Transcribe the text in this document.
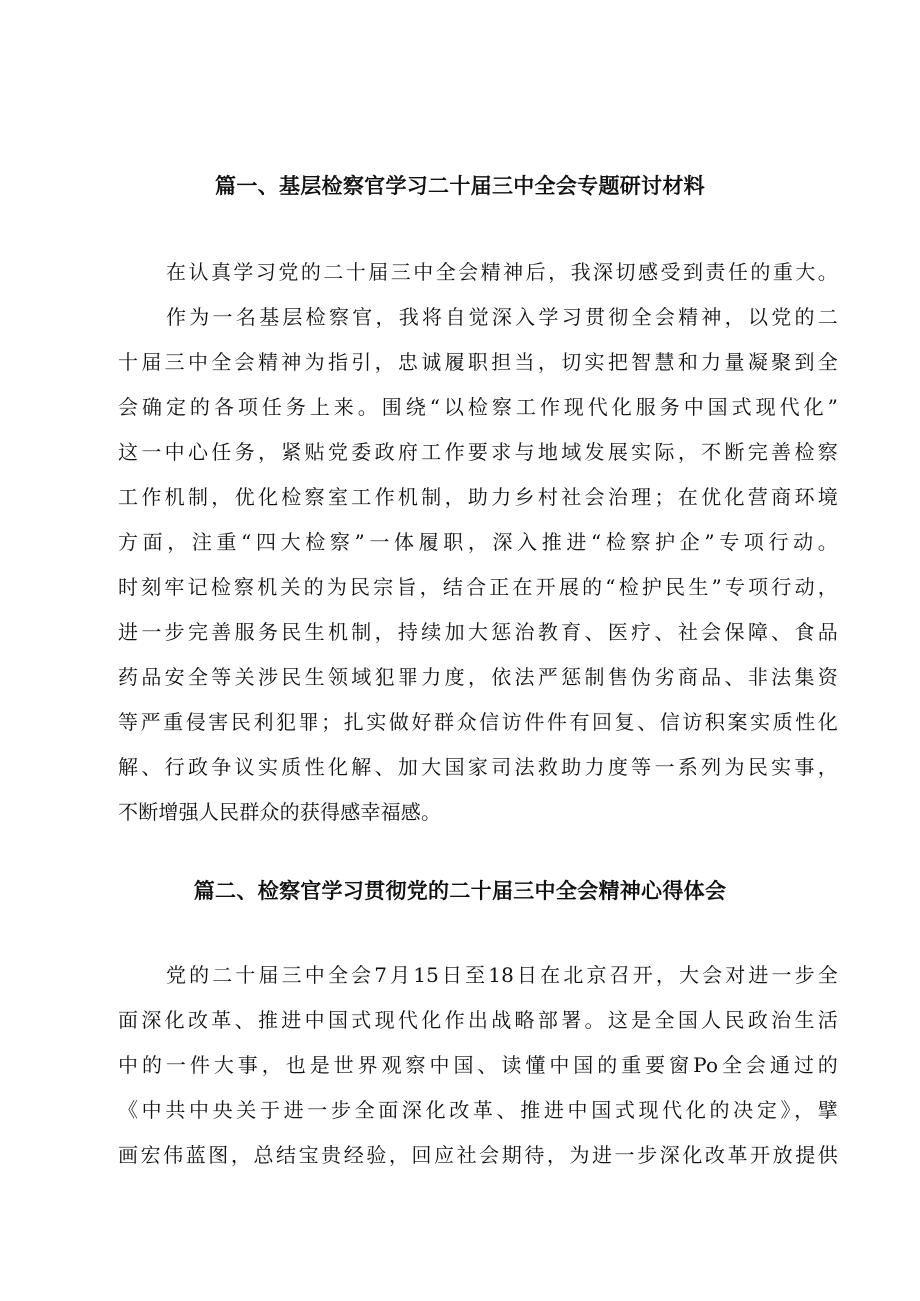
篇一、基层检察官学习二十届三中全会专题研讨材料

在认真学习党的二十届三中全会精神后，我深切感受到责任的重大。

作为一名基层检察官，我将自觉深入学习贯彻全会精神，以党的二

十届三中全会精神为指引，忠诚履职担当，切实把智慧和力量凝聚到全

会确定的各项任务上来。围绕“以检察工作现代化服务中国式现代化”

这一中心任务，紧贴党委政府工作要求与地域发展实际，不断完善检察

工作机制，优化检察室工作机制，助力乡村社会治理；在优化营商环境

方面，注重“四大检察”一体履职，深入推进“检察护企”专项行动。

时刻牢记检察机关的为民宗旨，结合正在开展的“检护民生”专项行动，

进一步完善服务民生机制，持续加大惩治教育、医疗、社会保障、食品

药品安全等关涉民生领域犯罪力度，依法严惩制售伪劣商品、非法集资

等严重侵害民利犯罪；扎实做好群众信访件件有回复、信访积案实质性化

解、行政争议实质性化解、加大国家司法救助力度等一系列为民实事，

不断增强人民群众的获得感幸福感。

篇二、检察官学习贯彻党的二十届三中全会精神心得体会

党的二十届三中全会7月15日至18日在北京召开，大会对进一步全

面深化改革、推进中国式现代化作出战略部署。这是全国人民政治生活

中的一件大事，也是世界观察中国、读懂中国的重要窗Po全会通过的

《中共中央关于进一步全面深化改革、推进中国式现代化的决定》，擘

画宏伟蓝图，总结宝贵经验，回应社会期待，为进一步深化改革开放提供
